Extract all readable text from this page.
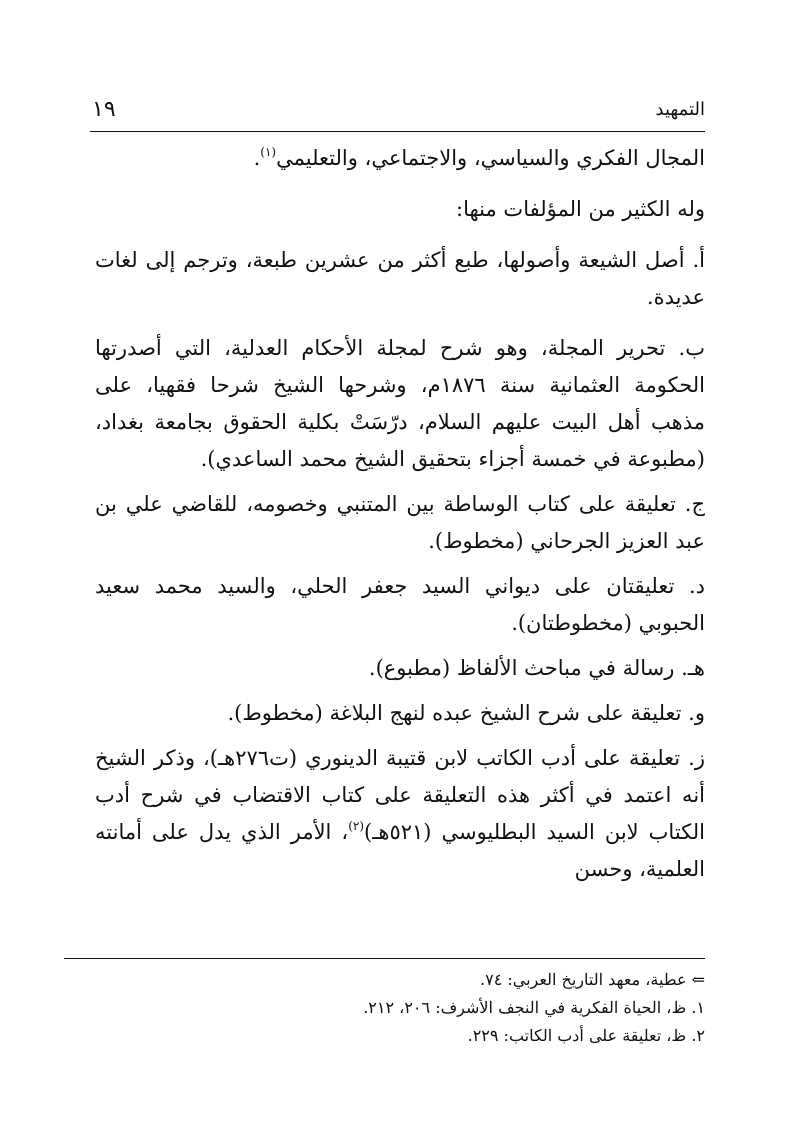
التمهيد
١٩

المجال الفكري والسياسي، والاجتماعي، والتعليمي$^{(١)}$.

وله الكثير من المؤلفات منها:

أ. أصل الشيعة وأصولها، طبع أكثر من عشرين طبعة، وترجم إلى لغات عديدة.

ب. تحرير المجلة، وهو شرح لمجلة الأحكام العدلية، التي أصدرتها الحكومة العثمانية سنة ١٨٧٦م، وشرحها الشيخ شرحا فقهيا، على مذهب أهل البيت عليهم السلام، درّسَتْ بكلية الحقوق بجامعة بغداد، (مطبوعة في خمسة أجزاء بتحقيق الشيخ محمد الساعدي).

ج. تعليقة على كتاب الوساطة بين المتنبي وخصومه، للقاضي علي بن عبد العزيز الجرحاني (مخطوط).

د. تعليقتان على ديواني السيد جعفر الحلي، والسيد محمد سعيد الحبوبي (مخطوطتان).

هـ. رسالة في مباحث الألفاظ (مطبوع).

و. تعليقة على شرح الشيخ عبده لنهج البلاغة (مخطوط).

ز. تعليقة على أدب الكاتب لابن قتيبة الدينوري (ت٢٧٦هـ)، وذكر الشيخ أنه اعتمد في أكثر هذه التعليقة على كتاب الاقتضاب في شرح أدب الكتاب لابن السيد البطليوسي (٥٢١هـ)$^{(٢)}$، الأمر الذي يدل على أمانته العلمية، وحسن

⇐ عطية، معهد التاريخ العربي: ٧٤.

١. ظ، الحياة الفكرية في النجف الأشرف: ٢٠٦، ٢١٢.

٢. ظ، تعليقة على أدب الكاتب: ٢٢٩.
